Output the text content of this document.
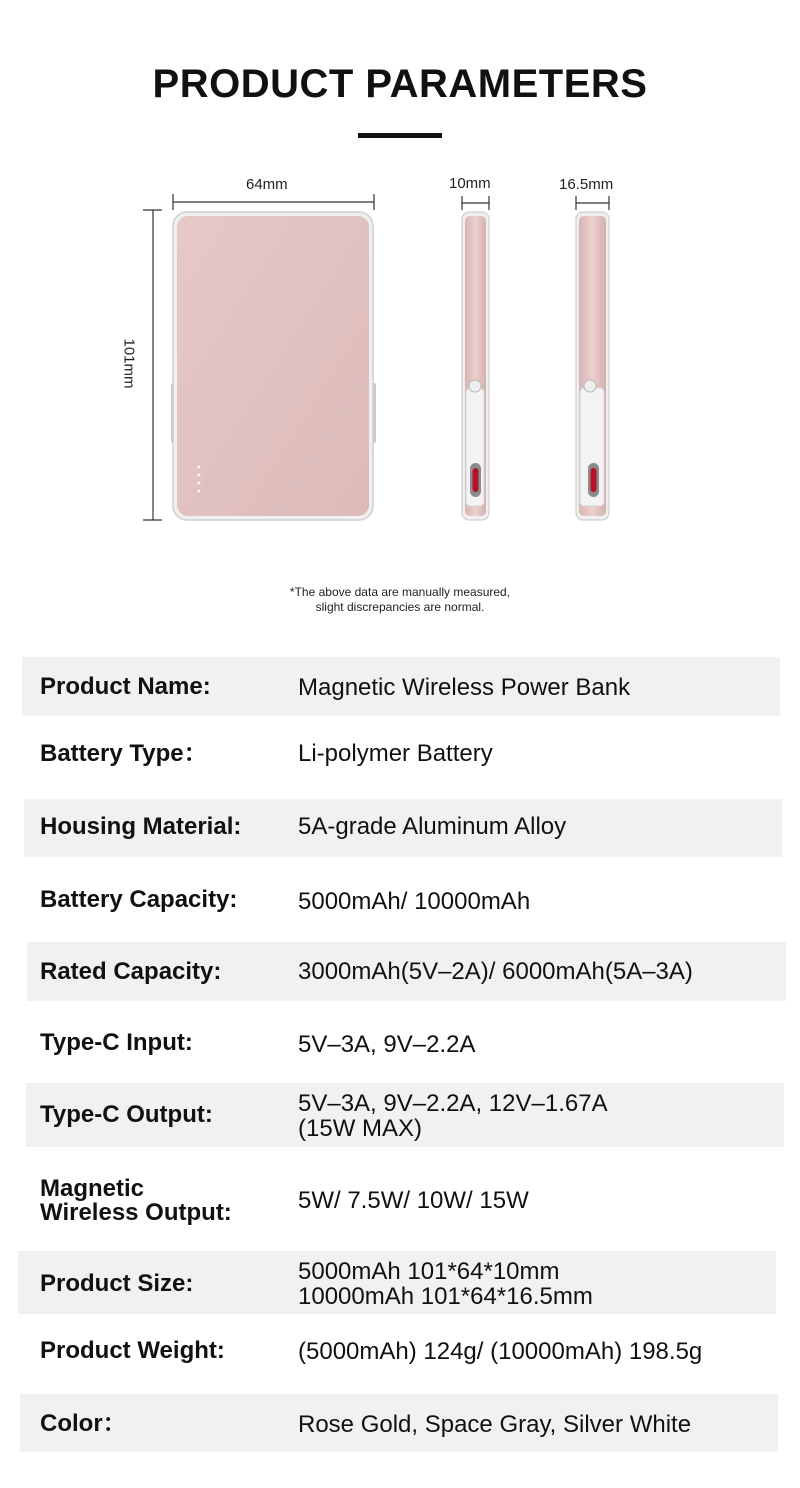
PRODUCT PARAMETERS
64mm	10mm	16.5mm
101mm
*The above data are manually measured,
slight discrepancies are normal.
Product Name:	Magnetic Wireless Power Bank
Battery Type：	Li-polymer Battery
Housing Material: 5A-grade Aluminum Alloy
Battery Capacity:	5000mAh/ 10000mAh
Rated Capacity:	3000mAh(5V–2A)/ 6000mAh(5A–3A)
Type-C Input:	5V–3A, 9V–2.2A
Type-C Output:	5V–3A, 9V–2.2A, 12V–1.67A
(15W MAX)
Magnetic
Wireless Output:	5W/ 7.5W/ 10W/ 15W
Product Size:	5000mAh 101*64*10mm
10000mAh 101*64*16.5mm
Product Weight:	(5000mAh) 124g/ (10000mAh) 198.5g
Color：	Rose Gold, Space Gray, Silver White
